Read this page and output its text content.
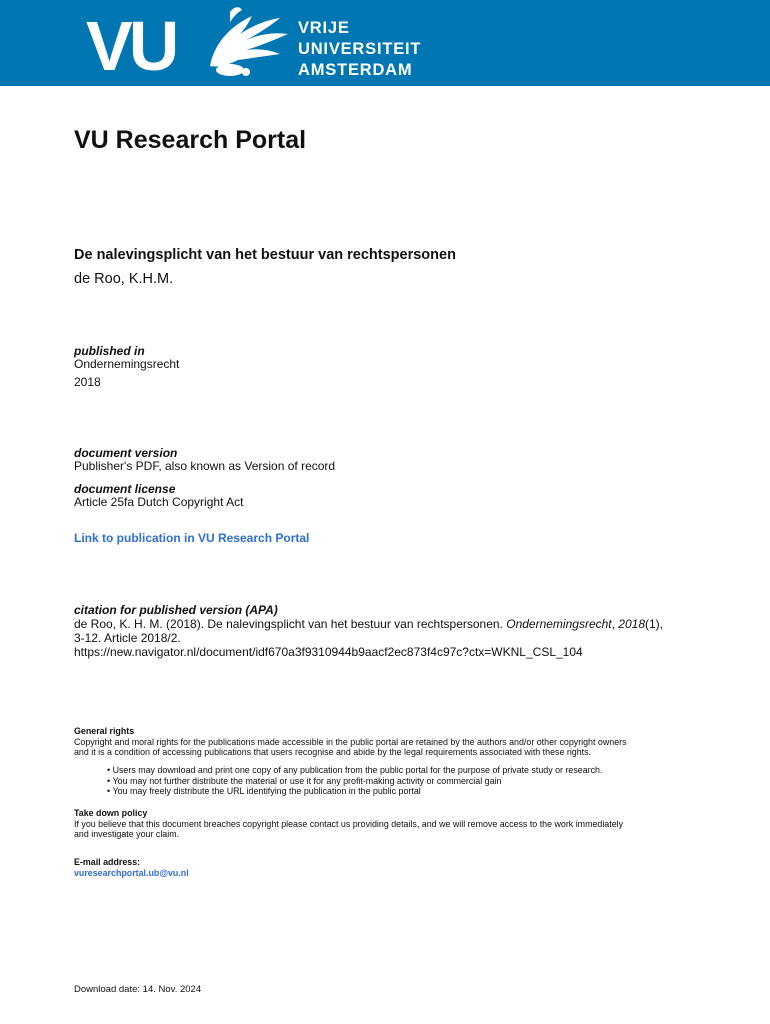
VU	VRIJE
UNIVERSITEIT
AMSTERDAM
VU Research Portal
De nalevingsplicht van het bestuur van rechtspersonen
de Roo, K.H.M.
published in
Ondernemingsrecht
2018
document version
Publisher's PDF, also known as Version of record
document license
Article 25fa Dutch Copyright Act
Link to publication in VU Research Portal
citation for published version (APA)
de Roo, K. H. M. (2018). De nalevingsplicht van het bestuur van rechtspersonen. Ondernemingsrecht, 2018(1),
3-12. Article 2018/2.
https://new.navigator.nl/document/idf670a3f9310944b9aacf2ec873f4c97c?ctx=WKNL_CSL_104
General rights
Copyright and moral rights for the publications made accessible in the public portal are retained by the authors and/or other copyright owners
and it is a condition of accessing publications that users recognise and abide by the legal requirements associated with these rights.
• Users may download and print one copy of any publication from the public portal for the purpose of private study or research.
• You may not further distribute the material or use it for any profit-making activity or commercial gain
• You may freely distribute the URL identifying the publication in the public portal
Take down policy
If you believe that this document breaches copyright please contact us providing details, and we will remove access to the work immediately
and investigate your claim.
E-mail address:
vuresearchportal.ub@vu.nl
Download date: 14. Nov. 2024
